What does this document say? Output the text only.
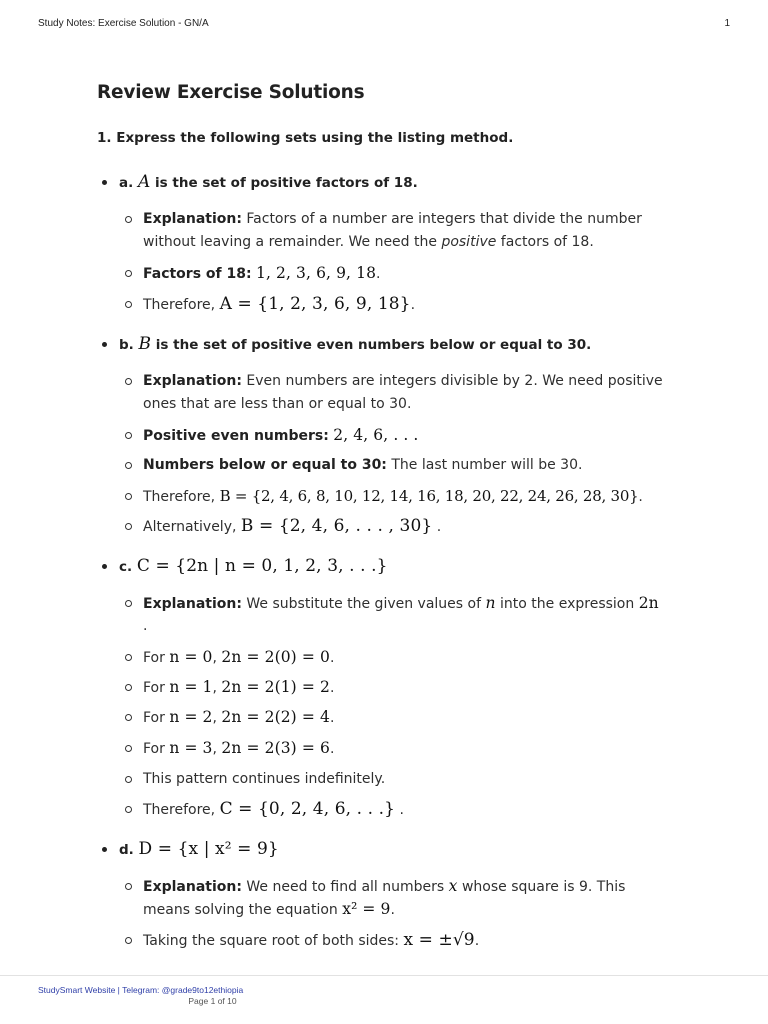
Study Notes: Exercise Solution - GN/A	1
Review Exercise Solutions

1. Express the following sets using the listing method.

a. A is the set of positive factors of 18.
Explanation: Factors of a number are integers that divide the number
without leaving a remainder. We need the positive factors of 18.
Factors of 18: 1, 2, 3, 6, 9, 18.
Therefore, A = {1, 2, 3, 6, 9, 18}.
b. B is the set of positive even numbers below or equal to 30.
Explanation: Even numbers are integers divisible by 2. We need positive
ones that are less than or equal to 30.
Positive even numbers: 2, 4, 6, . . .
Numbers below or equal to 30: The last number will be 30.
Therefore, B = {2, 4, 6, 8, 10, 12, 14, 16, 18, 20, 22, 24, 26, 28, 30}.
Alternatively, B = {2, 4, 6, . . . , 30} .
c. C = {2n | n = 0, 1, 2, 3, . . .}
Explanation: We substitute the given values of n into the expression 2n
.
For n = 0, 2n = 2(0) = 0.
For n = 1, 2n = 2(1) = 2.
For n = 2, 2n = 2(2) = 4.
For n = 3, 2n = 2(3) = 6.
This pattern continues indefinitely.
Therefore, C = {0, 2, 4, 6, . . .} .
d. D = {x | x² = 9}
Explanation: We need to find all numbers x whose square is 9. This
means solving the equation x² = 9.
Taking the square root of both sides: x = ±√9.
StudySmart Website | Telegram: @grade9to12ethiopia
Page 1 of 10
